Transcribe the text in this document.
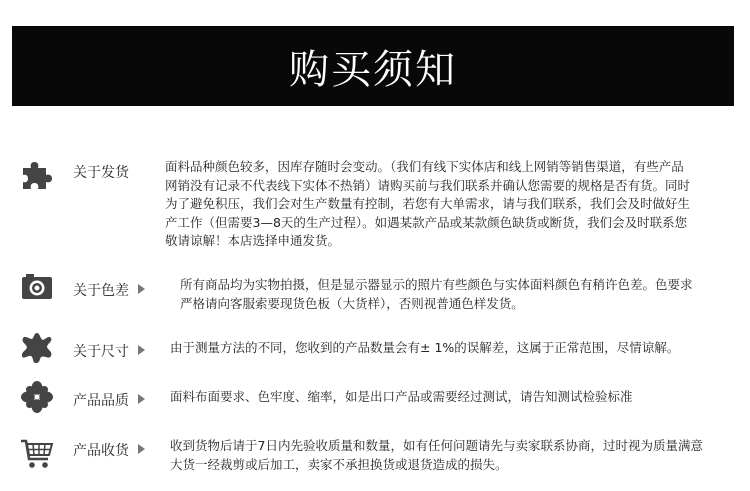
购买须知
关于发货	面料品种颜色较多，因库存随时会变动。（我们有线下实体店和线上网销等销售渠道，有些产品
网销没有记录不代表线下实体不热销）请购买前与我们联系并确认您需要的规格是否有货。同时
为了避免积压，我们会对生产数量有控制，若您有大单需求，请与我们联系，我们会及时做好生
产工作（但需要3—8天的生产过程）。如遇某款产品或某款颜色缺货或断货，我们会及时联系您
敬请谅解！本店选择申通发货。
关于色差	所有商品均为实物拍摄，但是显示器显示的照片有些颜色与实体面料颜色有稍许色差。色要求
严格请向客服索要现货色板（大货样），否则视普通色样发货。
关于尺寸	由于测量方法的不同，您收到的产品数量会有± 1%的误解差，这属于正常范围，尽情谅解。
产品品质	面料布面要求、色牢度、缩率，如是出口产品或需要经过测试，请告知测试检验标准
产品收货	收到货物后请于7日内先验收质量和数量，如有任何问题请先与卖家联系协商，过时视为质量满意
大货一经裁剪或后加工，卖家不承担换货或退货造成的损失。
